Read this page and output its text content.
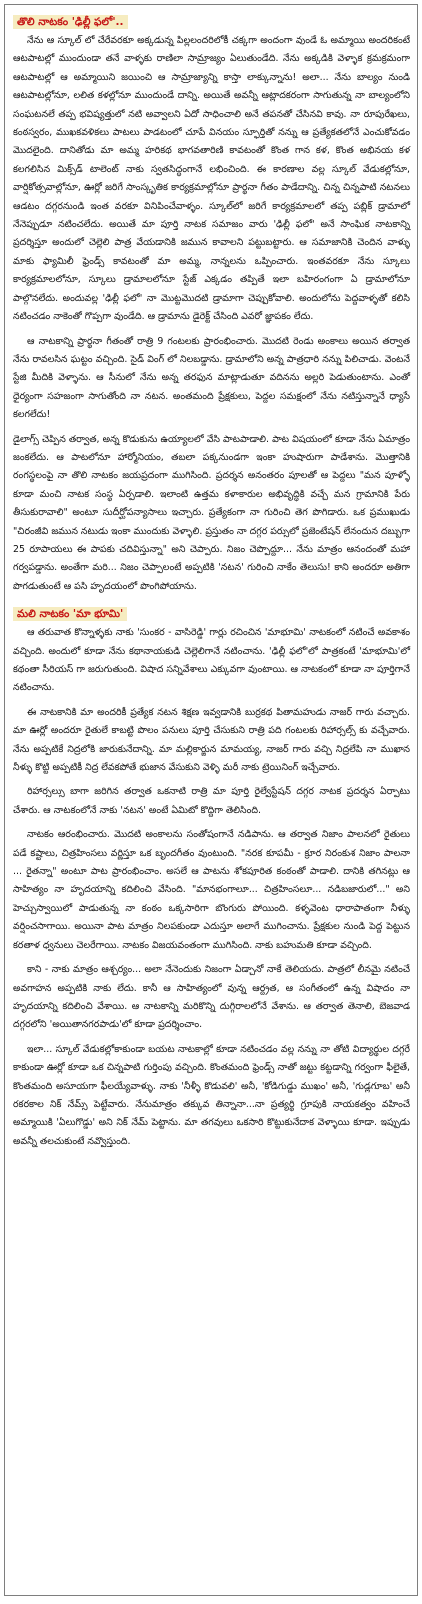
తొలి నాటకం 'ఢిల్లీ ఫలో'..

నేను ఆ స్కూల్ లో చేరేవరకూ అక్కడున్న పిల్లలందరిలోకీ చక్కగా అందంగా వుండే ఓ అమ్మాయి అందరికంటే ఆటపాటల్లో ముందుండా తనే వాళ్ళకు రాణిలా సామ్రాజ్యం ఏలుతుండేది. నేను అక్కడికి వెళ్ళాక క్రమక్రమంగా ఆటపాటల్లో ఆ అమ్మాయిని జయించి ఆ సామ్రాజ్యాన్ని కాస్తా లాక్కున్నాను! అలా... నేను బాల్యం నుండి ఆటపాటల్లోనూ, లలిత కళల్లోనూ ముందుండే దాన్ని. అయితే అవన్నీ ఆట్లాదకరంగా సాగుతున్న నా బాల్యంలోని సంఘటనలే తప్ప భవిష్యత్తులో నటి అవ్వాలని ఏదో సాధించాలి అనే తపనతో చేసినవి కావు. నా రూపురేఖలు, కంఠస్వరం, ముఖకవళికలు పాటలు పాడటంలో చూపే వినయం స్ఫూర్తితో నన్ను ఆ ప్రత్యేకతలోనే ఎంచుకోవడం మొదలైంది. దానితోడు మా అమ్మ హరికథ భాగవతారిణి కావటంతో కొంత గాన కళ, కొంత అభినయ కళ కలగలిసిన మిక్స్‌డ్ టాలెంట్ నాకు స్వతసిద్ధంగానే లభించింది. ఈ కారణాల వల్ల స్కూల్ వేడుకల్లోనూ, వార్షికోత్సవాల్లోనూ, ఊర్లో జరిగే సాంస్కృతిక కార్యక్రమాల్లోనూ ప్రార్థనా గీతం పాడేదాన్ని. చిన్న చిన్నపాటి నటనలు ఆడటం దగ్గరనుండి ఇంత వరకూ వినిపించేవాళ్ళం. స్కూల్‌లో జరిగే కార్యక్రమాలలో తప్ప పబ్లిక్ డ్రామాలో నేనెప్పుడూ నటించలేదు. అయితే మా పూర్తి నాటక సమాజం వారు 'ఢిల్లీ ఫలో' అనే సాంఘిక నాటకాన్ని ప్రదర్శిస్తూ అందులో చెల్లెలి పాత్ర వేయడానికి జమున కావాలని పట్టుబట్టారు. ఆ సమాజానికి చెందిన వాళ్ళు మాకు ఫ్యామిలీ ఫ్రెండ్స్ కావటంతో మా అమ్మ, నాన్నలను ఒప్పించారు. ఇంతవరకూ నేను స్కూలు కార్యక్రమాలలోనూ, స్కూలు డ్రామాలలోనూ స్టేజ్ ఎక్కడం తప్పితే ఇలా బహిరంగంగా ఏ డ్రామాలోనూ పాల్గొనలేదు. అందువల్ల 'ఢిల్లీ ఫలో' నా మొట్టమొదటి డ్రామాగా చెప్పుకోవాలి. అందులోను పెద్దవాళ్ళతో కలిసి నటించడం నాకెంతో గొప్పగా వుండేది. ఆ డ్రామాను డైరెక్ట్ చేసింది ఎవరో జ్ఞాపకం లేదు.

ఆ నాటకాన్ని ప్రార్థనా గీతంతో రాత్రి 9 గంటలకు ప్రారంభించారు. మొదటి రెండు అంకాలు అయిన తర్వాత నేను రావలసిన ఘట్టం వచ్చింది. సైడ్ వింగ్ లో నిలబడ్డాను. డ్రామాలోని అన్న పాత్రధారి నన్ను పిలిచాడు. వెంటనే స్టేజి మీదికి వెళ్ళాను. ఆ సీనులో నేను అన్న తరఫున మాట్లాడుతూ వదినను అల్లరి పెడుతుంటాను. ఎంతో ధైర్యంగా సహజంగా సాగుతోంది నా నటన. అంతమంది ప్రేక్షకులు, పెద్దల సమక్షంలో నేను నటిస్తున్నానే ధ్యాసే కలగలేదు!

డైలాగ్స్ చెప్పిన తర్వాత, అన్న కొడుకును ఉయ్యాలలో వేసి పాటపాడాలి. పాట విషయంలో కూడా నేను ఏమాత్రం జంకలేదు. ఆ పాటలోనూ హార్మోనియం, తబలా పక్కనుండగా ఇంకా హుషారుగా పాడేశాను. మొత్తానికి రంగస్థలంపై నా తొలి నాటకం జయప్రదంగా ముగిసింది. ప్రదర్శన అనంతరం పూలతో ఆ పెద్దలు "మన పూళ్ళో కూడా మంచి నాటక సంస్థ ఏర్పడాలి. ఇలాంటి ఉత్తమ కళాకారుల అభివృద్ధికి వచ్చే మన గ్రామానికి పేరు తీసుకురావాలి" అంటూ సుదీర్ఘోపన్యాసాలు ఇచ్చారు. ప్రత్యేకంగా నా గురించి తెగ పొగిడారు. ఒక ప్రముఖుడు "చిరంజీవి జమున నటుడు ఇంకా ముందుకు వెళ్ళాలి. ప్రస్తుతం నా దగ్గర పర్సులో ప్రజెంటేషన్ లేనందున దబ్బుగా 25 రూపాయలు ఈ పాపకు చదివిస్తున్నా" అని చెప్పారు. నిజం చెప్పొద్దూ... నేను మాత్రం ఆనందంతో మహా గర్వపడ్డాను. అంతేగా మరి... నిజం చెప్పాలంటే అప్పటికి 'నటన' గురించి నాకేం తెలుసు! కాని అందరూ అతిగా పొగడుతుంటే ఆ పసి హృదయంలో పొంగిపోయాను.

మలి నాటకం 'మా భూమి'

ఆ తరువాత కొన్నాళ్ళకు నాకు 'సుంకర - వాసిరెడ్డి' గార్లు రచించిన 'మాభూమి' నాటకంలో నటించే అవకాశం వచ్చింది. అందులో కూడా నేను కథానాయకుడి చెల్లెలిగానే నటించాను. 'ఢిల్లీ ఫలో'లో పాత్రకంటే 'మాభూమి'లో కథంతా సీరియస్ గా జరుగుతుంది. విషాద సన్నివేశాలు ఎక్కువగా వుంటాయి. ఆ నాటకంలో కూడా నా పూర్తిగానే నటించాను.

ఈ నాటకానికి మా అందరికీ ప్రత్యేక నటన శిక్షణ ఇవ్వడానికి బుర్రకథ పితామహుడు నాజర్ గారు వచ్చారు. మా ఊర్లో అందరూ రైతులే కాబట్టి పొలం పనులు పూర్తి చేసుకుని రాత్రి పది గంటలకు రిహార్సల్స్ కు వచ్చేవారు. నేను అప్పటికే నిద్రలోకి జారుకునేదాన్ని. మా మల్లికార్జున మామయ్య, నాజర్ గారు వచ్చి నిద్రలేపి నా ముఖాన నీళ్ళు కొట్టి అప్పటికీ నిద్ర లేవకపోతే భుజాన వేసుకుని వెళ్ళి మరీ నాకు ట్రెయినింగ్ ఇచ్చేవారు.

రిహార్సల్సు బాగా జరిగిన తర్వాత ఒకనాటి రాత్రి మా పూర్తి రైల్వేస్టేషన్ దగ్గర నాటక ప్రదర్శన ఏర్పాటు చేశారు. ఆ నాటకంలోనే నాకు 'నటన' అంటే ఏమిటో కొద్దిగా తెలిసింది.

నాటకం ఆరంభించారు. మొదటి అంకాలను సంతోషంగానే నడిపాను. ఆ తర్వాత నిజాం పాలనలో రైతులు పడే కష్టాలు, చిత్రహింసలు వర్ణిస్తూ ఒక బృందగీతం వుంటుంది. "నరక కూపమీ - క్రూర నిరంకుశ నిజాం పాలనా ... రైతన్నా" అంటూ పాట ప్రారంభించాం. అసలే ఆ పాటను శోకపూరిత కంఠంతో పాడాలి. దానికి తగినట్లు ఆ సాహిత్యం నా హృదయాన్ని కదిలించి వేసింది. "మానభంగాలూ... చిత్రహింసలూ... నడిబజారులో..." అని హెచ్చుస్వాయిలో పాడుతున్న నా కంఠం ఒక్కసారిగా బొంగురు పోయింది. కళ్ళవెంట ధారాపాతంగా నీళ్ళు వర్షించసాగాయి. అయినా పాట మాత్రం నిలపకుండా ఎదుస్తూ అలాగే ముగించాను. ప్రేక్షకుల నుండి పెద్ద పెట్టున కరతాళ ధ్వనులు చెలరేగాయి. నాటకం విజయవంతంగా ముగిసింది. నాకు బహుమతి కూడా వచ్చింది.

కాని - నాకు మాత్రం ఆశ్చర్యం... అలా నేనెందుకు నిజంగా ఏడ్చానో నాకే తెలియదు. పాత్రలో లీనమై నటించే అవగాహన అప్పటికి నాకు లేదు. కానీ ఆ సాహిత్యంలో వున్న ఆర్ద్రత, ఆ సంగీతంలో ఉన్న విషాదం నా హృదయాన్ని కదిలించి వేశాయి. ఆ నాటకాన్ని మరికొన్ని దుగ్గిరాలలోనే వేశాను. ఆ తర్వాత తెనాలి, బెజవాడ దగ్గరలోని 'అయితానగరపాడు'లో కూడా ప్రదర్శించాం.

ఇలా... స్కూల్ వేడుకల్లోకాకుండా బయట నాటకాల్లో కూడా నటించడం వల్ల నన్ను నా తోటి విద్యార్థుల దగ్గరే కాకుండా ఊర్లో కూడా ఒక చిన్నపాటి గుర్తింపు వచ్చింది. కొంతమంది ఫ్రెండ్స్ నాతో జట్టు కట్టడాన్ని గర్వంగా ఫీలైతే, కొంతమంది అసూయగా ఫీలయ్యేవాళ్ళు. నాకు 'నీళ్ళీ కొడువలి' అనీ, 'కోడిగుడ్డు ముఖం' అనీ, 'గుడ్లగూబ' అనీ రకరకాల నిక్ నేమ్స్ పెట్టేవారు. నేనుమాత్రం తక్కువ తిన్నానా...నా ప్రత్యర్థి గ్రూపుకి నాయకత్వం వహించే అమ్మాయికి 'ఏలుగొడ్డు' అని నిక్ నేమ్ పెట్టాను. మా తగవులు ఒకసారి కొట్టుకునేదాక వెళ్ళాయి కూడా. ఇప్పుడు అవన్నీ తలచుకుంటే నవ్వొస్తుంది.
